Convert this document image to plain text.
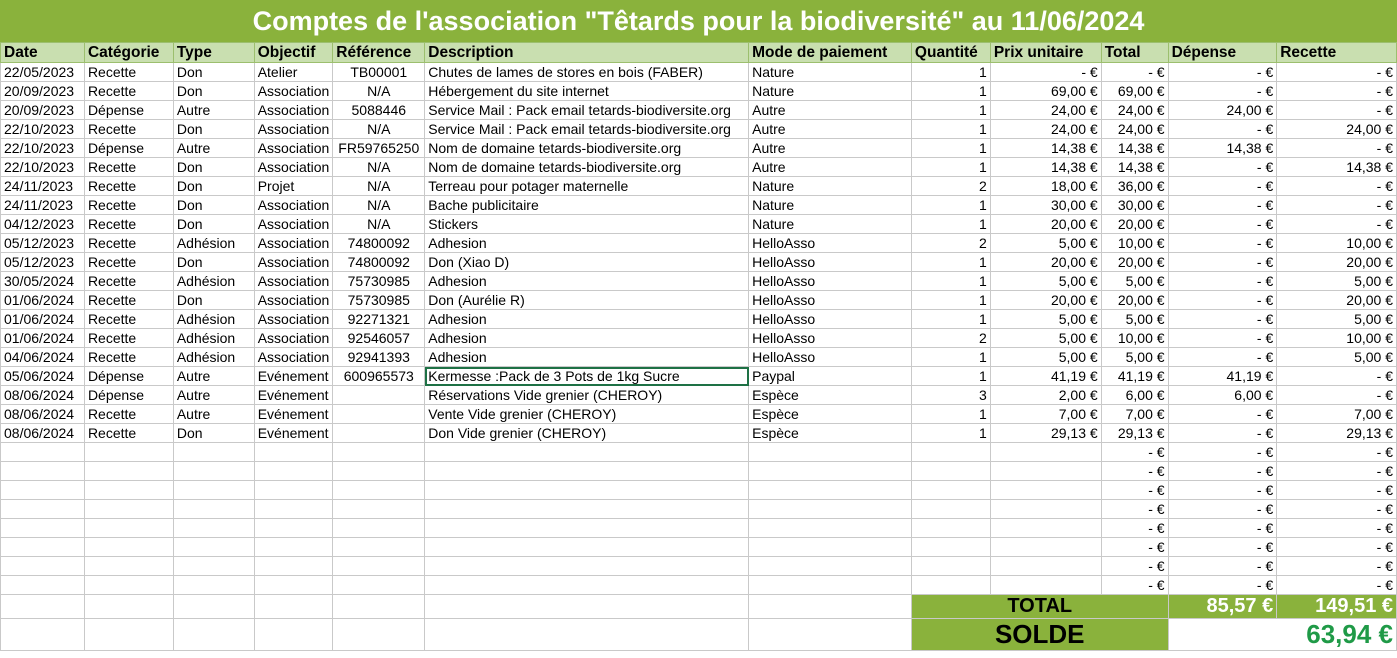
Comptes de l'association "Têtards pour la biodiversité" au 11/06/2024
Date	Catégorie	Type	Objectif	Référence	Description	Mode de paiement	Quantité	Prix unitaire	Total	Dépense	Recette
22/05/2023	Recette	Don	Atelier	TB00001	Chutes de lames de stores en bois (FABER)	Nature	1	- €	- €	- €	- €
20/09/2023	Recette	Don	Association	N/A	Hébergement du site internet	Nature	1	69,00 €	69,00 €	- €	- €
20/09/2023	Dépense	Autre	Association	5088446	Service Mail : Pack email tetards-biodiversite.org	Autre	1	24,00 €	24,00 €	24,00 €	- €
22/10/2023	Recette	Don	Association	N/A	Service Mail : Pack email tetards-biodiversite.org	Autre	1	24,00 €	24,00 €	- €	24,00 €
22/10/2023	Dépense	Autre	Association	FR59765250	Nom de domaine tetards-biodiversite.org	Autre	1	14,38 €	14,38 €	14,38 €	- €
22/10/2023	Recette	Don	Association	N/A	Nom de domaine tetards-biodiversite.org	Autre	1	14,38 €	14,38 €	- €	14,38 €
24/11/2023	Recette	Don	Projet	N/A	Terreau pour potager maternelle	Nature	2	18,00 €	36,00 €	- €	- €
24/11/2023	Recette	Don	Association	N/A	Bache publicitaire	Nature	1	30,00 €	30,00 €	- €	- €
04/12/2023	Recette	Don	Association	N/A	Stickers	Nature	1	20,00 €	20,00 €	- €	- €
05/12/2023	Recette	Adhésion	Association	74800092	Adhesion	HelloAsso	2	5,00 €	10,00 €	- €	10,00 €
05/12/2023	Recette	Don	Association	74800092	Don (Xiao D)	HelloAsso	1	20,00 €	20,00 €	- €	20,00 €
30/05/2024	Recette	Adhésion	Association	75730985	Adhesion	HelloAsso	1	5,00 €	5,00 €	- €	5,00 €
01/06/2024	Recette	Don	Association	75730985	Don (Aurélie R)	HelloAsso	1	20,00 €	20,00 €	- €	20,00 €
01/06/2024	Recette	Adhésion	Association	92271321	Adhesion	HelloAsso	1	5,00 €	5,00 €	- €	5,00 €
01/06/2024	Recette	Adhésion	Association	92546057	Adhesion	HelloAsso	2	5,00 €	10,00 €	- €	10,00 €
04/06/2024	Recette	Adhésion	Association	92941393	Adhesion	HelloAsso	1	5,00 €	5,00 €	- €	5,00 €
05/06/2024	Dépense	Autre	Evénement	600965573	Kermesse :Pack de 3 Pots de 1kg Sucre	Paypal	1	41,19 €	41,19 €	41,19 €	- €
08/06/2024	Dépense	Autre	Evénement		Réservations Vide grenier (CHEROY)	Espèce	3	2,00 €	6,00 €	6,00 €	- €
08/06/2024	Recette	Autre	Evénement		Vente Vide grenier (CHEROY)	Espèce	1	7,00 €	7,00 €	- €	7,00 €
08/06/2024	Recette	Don	Evénement		Don Vide grenier (CHEROY)	Espèce	1	29,13 €	29,13 €	- €	29,13 €
									- €	- €	- €
									- €	- €	- €
									- €	- €	- €
									- €	- €	- €
									- €	- €	- €
									- €	- €	- €
									- €	- €	- €
									- €	- €	- €
							TOTAL			85,57 €	149,51 €
							SOLDE			63,94 €	
